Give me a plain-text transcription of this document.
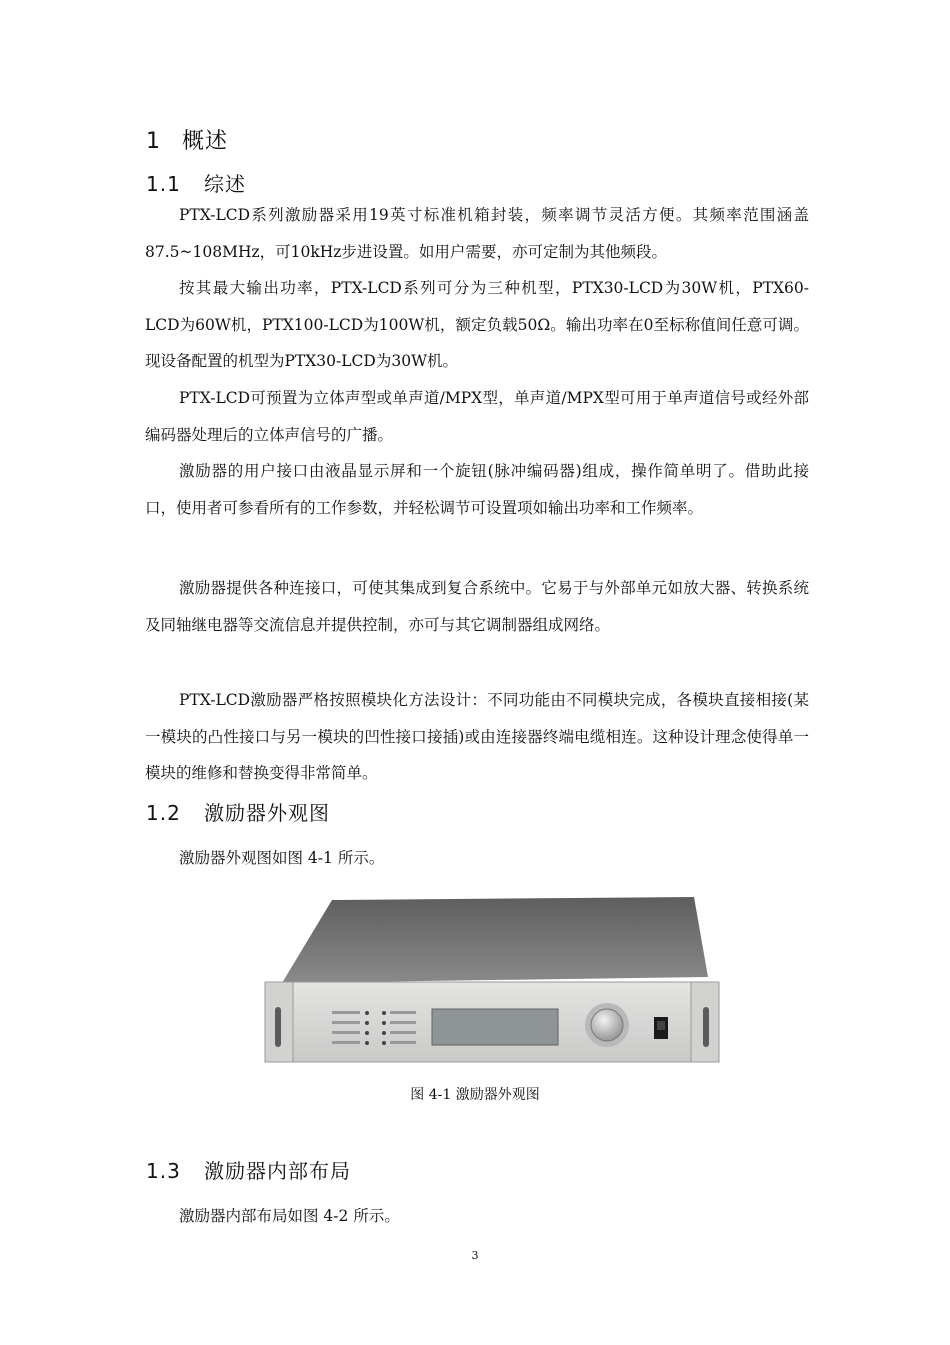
1 概述
1.1 综述

PTX-LCD系列激励器采用19英寸标准机箱封装，频率调节灵活方便。其频率范围涵盖87.5~108MHz，可10kHz步进设置。如用户需要，亦可定制为其他频段。

按其最大输出功率，PTX-LCD系列可分为三种机型，PTX30-LCD为30W机，PTX60-LCD为60W机，PTX100-LCD为100W机，额定负载50Ω。输出功率在0至标称值间任意可调。现设备配置的机型为PTX30-LCD为30W机。

PTX-LCD可预置为立体声型或单声道/MPX型，单声道/MPX型可用于单声道信号或经外部编码器处理后的立体声信号的广播。

激励器的用户接口由液晶显示屏和一个旋钮(脉冲编码器)组成，操作简单明了。借助此接口，使用者可参看所有的工作参数，并轻松调节可设置项如输出功率和工作频率。

激励器提供各种连接口，可使其集成到复合系统中。它易于与外部单元如放大器、转换系统及同轴继电器等交流信息并提供控制，亦可与其它调制器组成网络。

PTX-LCD激励器严格按照模块化方法设计：不同功能由不同模块完成，各模块直接相接(某一模块的凸性接口与另一模块的凹性接口接插)或由连接器终端电缆相连。这种设计理念使得单一模块的维修和替换变得非常简单。

1.2 激励器外观图

激励器外观图如图 4-1 所示。

图 4-1 激励器外观图
1.3 激励器内部布局

激励器内部布局如图 4-2 所示。

3
